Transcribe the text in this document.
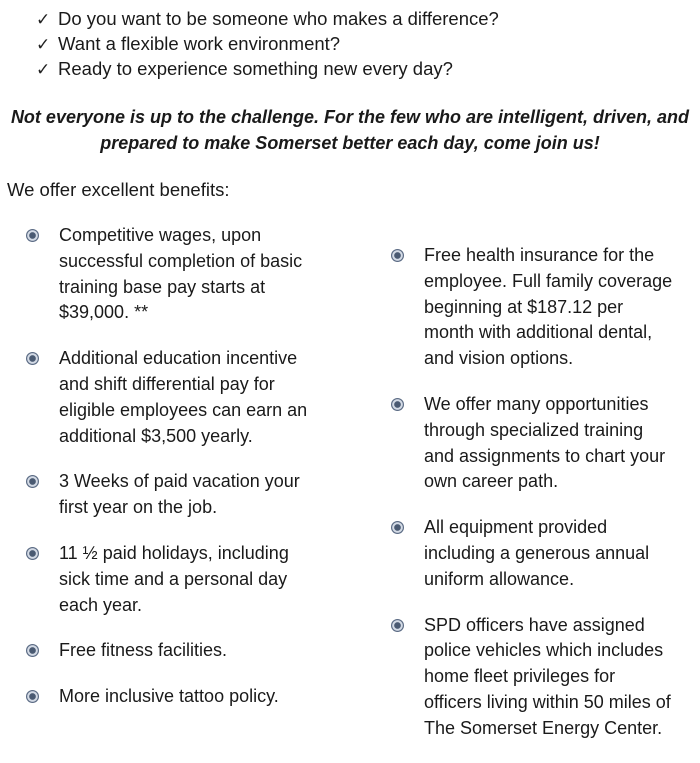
✓ Do you want to be someone who makes a difference?
✓ Want a flexible work environment?
✓ Ready to experience something new every day?

Not everyone is up to the challenge. For the few who are intelligent, driven, and
prepared to make Somerset better each day, come join us!

We offer excellent benefits:

Competitive wages, upon
successful completion of basic
training base pay starts at
$39,000. **
Additional education incentive
and shift differential pay for
eligible employees can earn an
additional $3,500 yearly.
3 Weeks of paid vacation your
first year on the job.
11 ½ paid holidays, including
sick time and a personal day
each year.
Free fitness facilities.
More inclusive tattoo policy.
Free health insurance for the
employee. Full family coverage
beginning at $187.12 per
month with additional dental,
and vision options.
We offer many opportunities
through specialized training
and assignments to chart your
own career path.
All equipment provided
including a generous annual
uniform allowance.
SPD officers have assigned
police vehicles which includes
home fleet privileges for
officers living within 50 miles of
The Somerset Energy Center.
